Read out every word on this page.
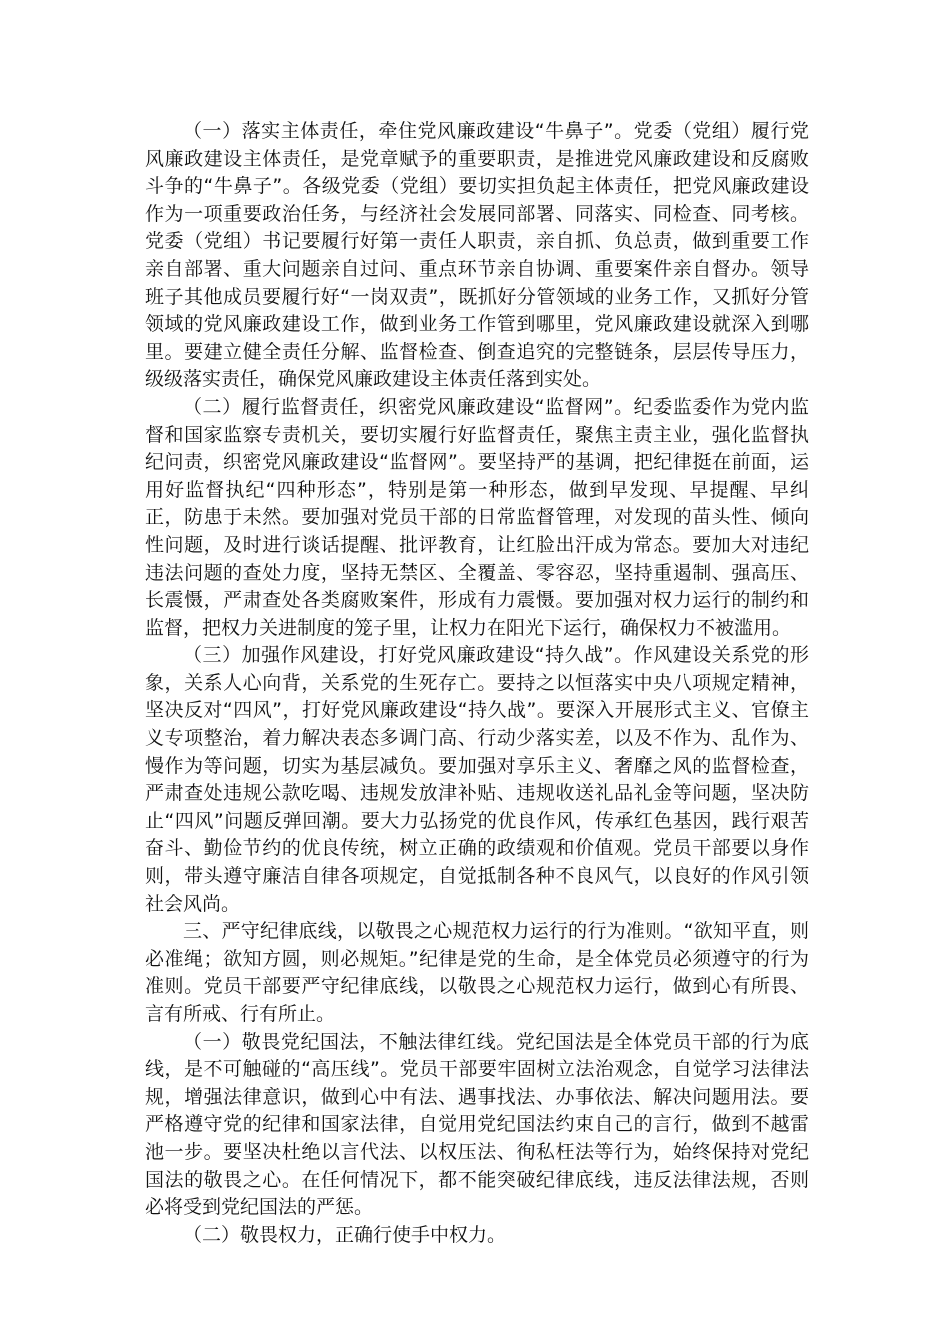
（一）落实主体责任，牵住党风廉政建设“牛鼻子”。党委（党组）履行党风廉政建设主体责任，是党章赋予的重要职责，是推进党风廉政建设和反腐败斗争的“牛鼻子”。各级党委（党组）要切实担负起主体责任，把党风廉政建设作为一项重要政治任务，与经济社会发展同部署、同落实、同检查、同考核。党委（党组）书记要履行好第一责任人职责，亲自抓、负总责，做到重要工作亲自部署、重大问题亲自过问、重点环节亲自协调、重要案件亲自督办。领导班子其他成员要履行好“一岗双责”，既抓好分管领域的业务工作，又抓好分管领域的党风廉政建设工作，做到业务工作管到哪里，党风廉政建设就深入到哪里。要建立健全责任分解、监督检查、倒查追究的完整链条，层层传导压力，级级落实责任，确保党风廉政建设主体责任落到实处。

（二）履行监督责任，织密党风廉政建设“监督网”。纪委监委作为党内监督和国家监察专责机关，要切实履行好监督责任，聚焦主责主业，强化监督执纪问责，织密党风廉政建设“监督网”。要坚持严的基调，把纪律挺在前面，运用好监督执纪“四种形态”，特别是第一种形态，做到早发现、早提醒、早纠正，防患于未然。要加强对党员干部的日常监督管理，对发现的苗头性、倾向性问题，及时进行谈话提醒、批评教育，让红脸出汗成为常态。要加大对违纪违法问题的查处力度，坚持无禁区、全覆盖、零容忍，坚持重遏制、强高压、长震慑，严肃查处各类腐败案件，形成有力震慑。要加强对权力运行的制约和监督，把权力关进制度的笼子里，让权力在阳光下运行，确保权力不被滥用。

（三）加强作风建设，打好党风廉政建设“持久战”。作风建设关系党的形象，关系人心向背，关系党的生死存亡。要持之以恒落实中央八项规定精神，坚决反对“四风”，打好党风廉政建设“持久战”。要深入开展形式主义、官僚主义专项整治，着力解决表态多调门高、行动少落实差，以及不作为、乱作为、慢作为等问题，切实为基层减负。要加强对享乐主义、奢靡之风的监督检查，严肃查处违规公款吃喝、违规发放津补贴、违规收送礼品礼金等问题，坚决防止“四风”问题反弹回潮。要大力弘扬党的优良作风，传承红色基因，践行艰苦奋斗、勤俭节约的优良传统，树立正确的政绩观和价值观。党员干部要以身作则，带头遵守廉洁自律各项规定，自觉抵制各种不良风气，以良好的作风引领社会风尚。

三、严守纪律底线，以敬畏之心规范权力运行的行为准则。“欲知平直，则必准绳；欲知方圆，则必规矩。”纪律是党的生命，是全体党员必须遵守的行为准则。党员干部要严守纪律底线，以敬畏之心规范权力运行，做到心有所畏、言有所戒、行有所止。

（一）敬畏党纪国法，不触法律红线。党纪国法是全体党员干部的行为底线，是不可触碰的“高压线”。党员干部要牢固树立法治观念，自觉学习法律法规，增强法律意识，做到心中有法、遇事找法、办事依法、解决问题用法。要严格遵守党的纪律和国家法律，自觉用党纪国法约束自己的言行，做到不越雷池一步。要坚决杜绝以言代法、以权压法、徇私枉法等行为，始终保持对党纪国法的敬畏之心。在任何情况下，都不能突破纪律底线，违反法律法规，否则必将受到党纪国法的严惩。

（二）敬畏权力，正确行使手中权力。
